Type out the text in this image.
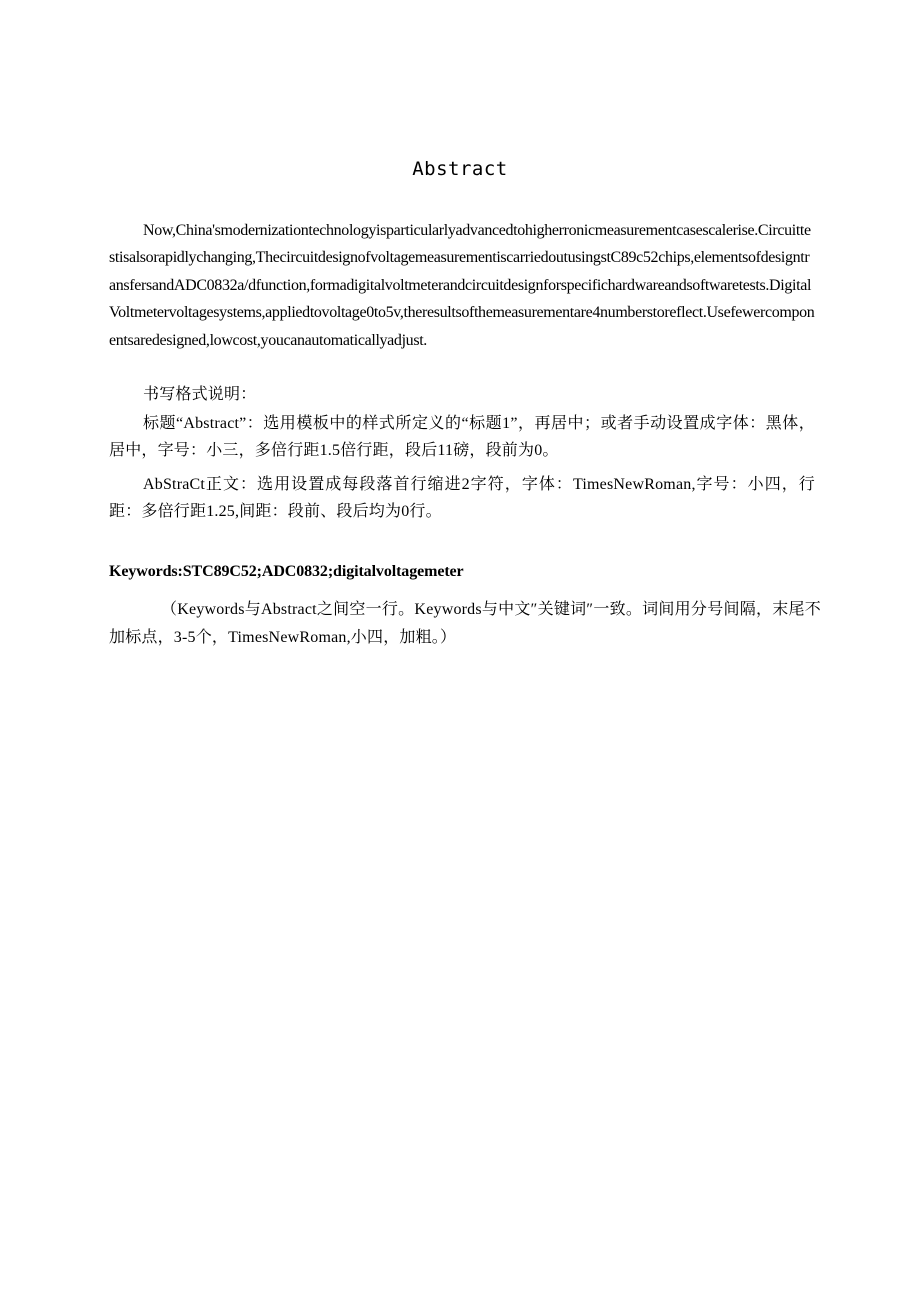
Abstract
Now,China'smodernizationtechnologyisparticularlyadvancedtohigherronicmeasurementcasescalerise.Circuittestisalsorapidlychanging,ThecircuitdesignofvoltagemeasurementiscarriedoutusingstC89c52chips,elementsofdesigntransfersandADC0832a/dfunction,formadigitalvoltmeterandcircuitdesignforspecifichardwareandsoftwaretests.DigitalVoltmetervoltagesystems,appliedtovoltage0to5v,theresultsofthemeasurementare4numberstoreflect.Usefewercomponentsaredesigned,lowcost,youcanautomaticallyadjust.
书写格式说明：
标题“Abstract”：选用模板中的样式所定义的“标题1”，再居中；或者手动设置成字体：黑体，居中，字号：小三，多倍行距1.5倍行距，段后11磅，段前为0。
AbStraCt正文：选用设置成每段落首行缩进2字符，字体：TimesNewRoman,字号：小四，行距：多倍行距1.25,间距：段前、段后均为0行。
Keywords:STC89C52;ADC0832;digitalvoltagemeter
（Keywords与Abstract之间空一行。Keywords与中文″关键词″一致。词间用分号间隔，末尾不加标点，3-5个，TimesNewRoman,小四，加粗。）
